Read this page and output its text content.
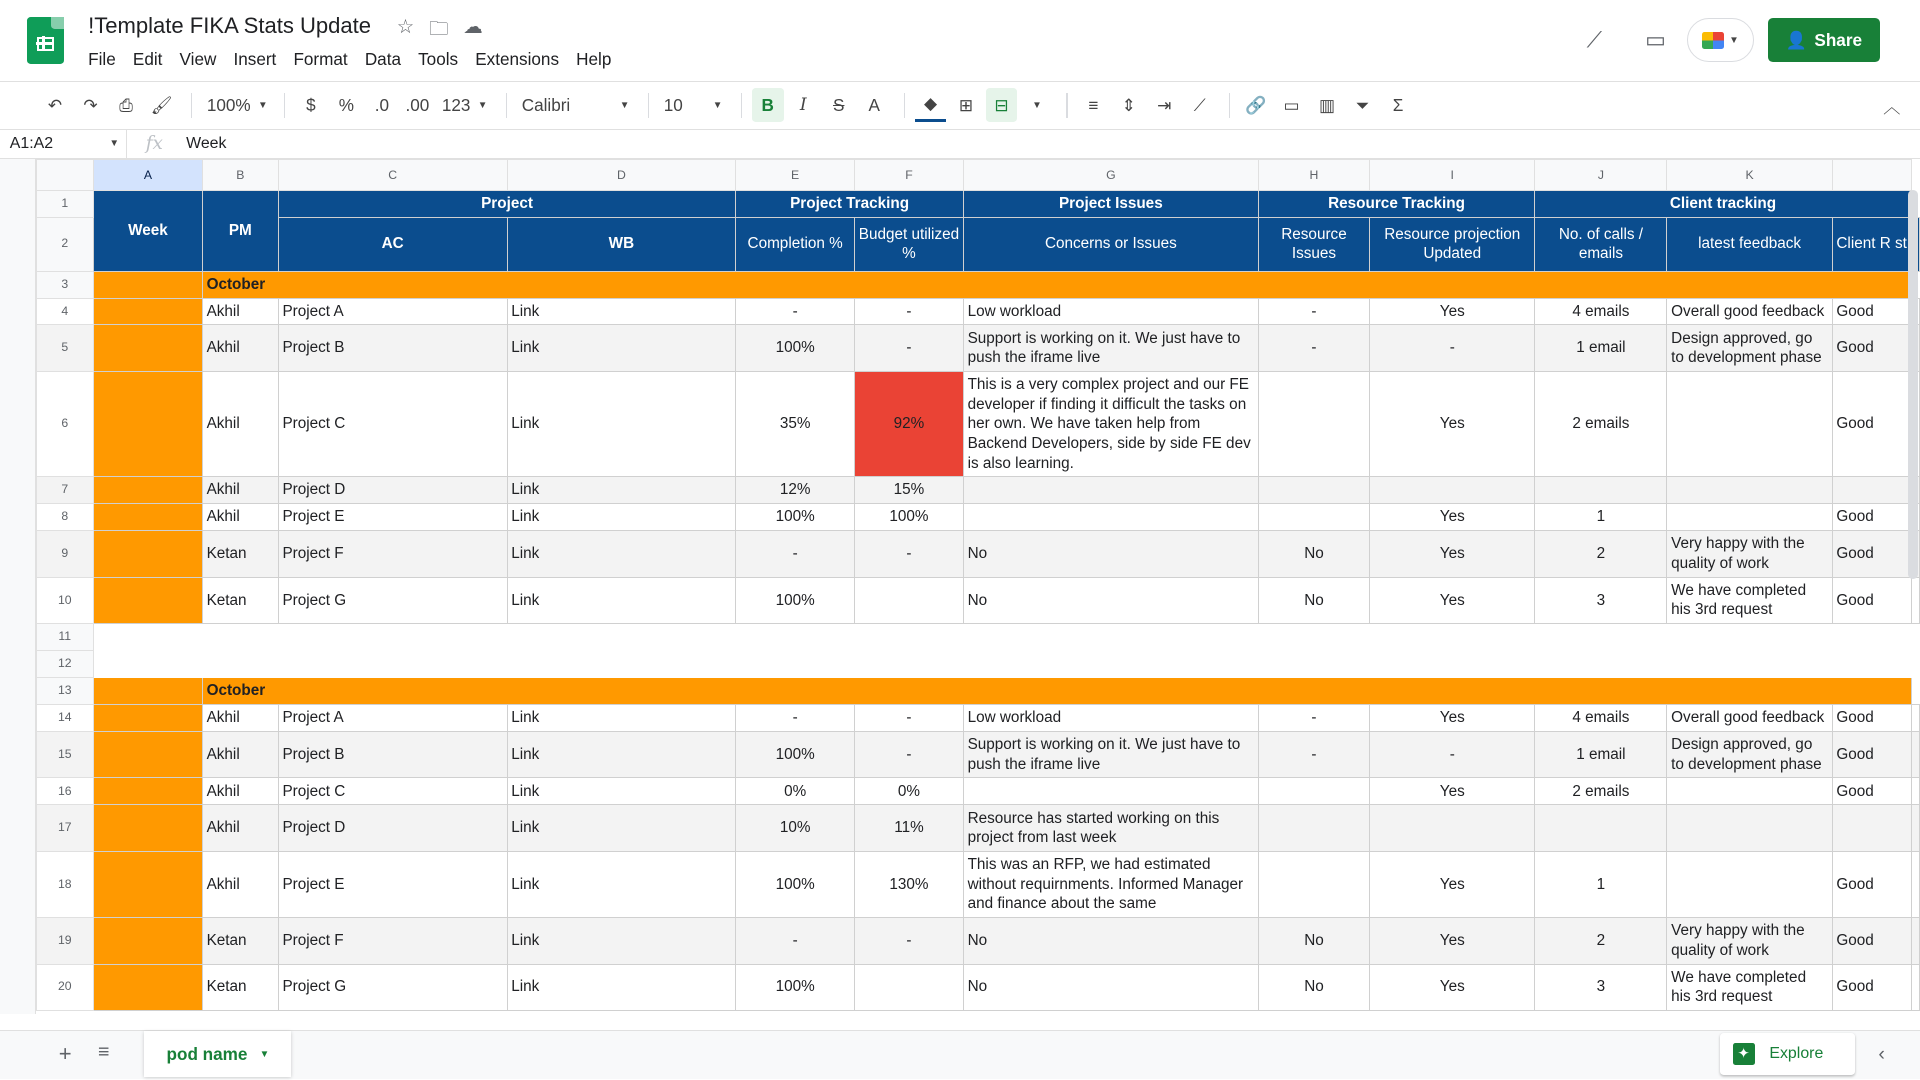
!Template FIKA Stats Update ☆ 🗀 ☁
File	Edit	View	Insert	Format	Data	Tools	Extensions	Help
⟋	▭	▼	👤 Share
↶	↷	⎙	🖌	100% ▼	$	%	.0	.00 123 ▼ Calibri	▼ 10	▼	B	I	S	A	◆	⊞	⊟	▼	≡	⇕	⇥	⟋	🔗	▭	▥	⏷	Σ	︿
A1:A2	▼	fx	Week
	A	B	C	D	E	F	G	H	I	J	K		
1	Week	PM	Project		Project Tracking		Project Issues	Resource Tracking		Client tracking			
2			AC	WB	Completion %	Budget utilized %	Concerns or Issues	Resource Issues	Resource projection Updated	No. of calls / emails	latest feedback	Client R st	
3		October											
4		Akhil	Project A	Link	-	-	Low workload	-	Yes	4 emails	Overall good feedback	Good	
5		Akhil	Project B	Link	100%	-	Support is working on it. We just have to push the iframe live	-	-	1 email	Design approved, go to development phase	Good	
6		Akhil	Project C	Link	35%	92%	This is a very complex project and our FE developer if finding it difficult the tasks on her own. We have taken help from Backend Developers, side by side FE dev is also learning.		Yes	2 emails		Good	
7		Akhil	Project D	Link	12%	15%							
8		Akhil	Project E	Link	100%	100%			Yes	1		Good	
9		Ketan	Project F	Link	-	-	No	No	Yes	2	Very happy with the quality of work	Good	
10		Ketan	Project G	Link	100%		No	No	Yes	3	We have completed his 3rd request	Good	
11													
12													
13		October											
14		Akhil	Project A	Link	-	-	Low workload	-	Yes	4 emails	Overall good feedback	Good	
15		Akhil	Project B	Link	100%	-	Support is working on it. We just have to push the iframe live	-	-	1 email	Design approved, go to development phase	Good	
16		Akhil	Project C	Link	0%	0%			Yes	2 emails		Good	
17		Akhil	Project D	Link	10%	11%	Resource has started working on this project from last week						
18		Akhil	Project E	Link	100%	130%	This was an RFP, we had estimated without requirnments. Informed Manager and finance about the same		Yes	1		Good	
19		Ketan	Project F	Link	-	-	No	No	Yes	2	Very happy with the quality of work	Good	
20		Ketan	Project G	Link	100%		No	No	Yes	3	We have completed his 3rd request	Good	
+ ≡	pod name ▼	✦	Explore	‹
